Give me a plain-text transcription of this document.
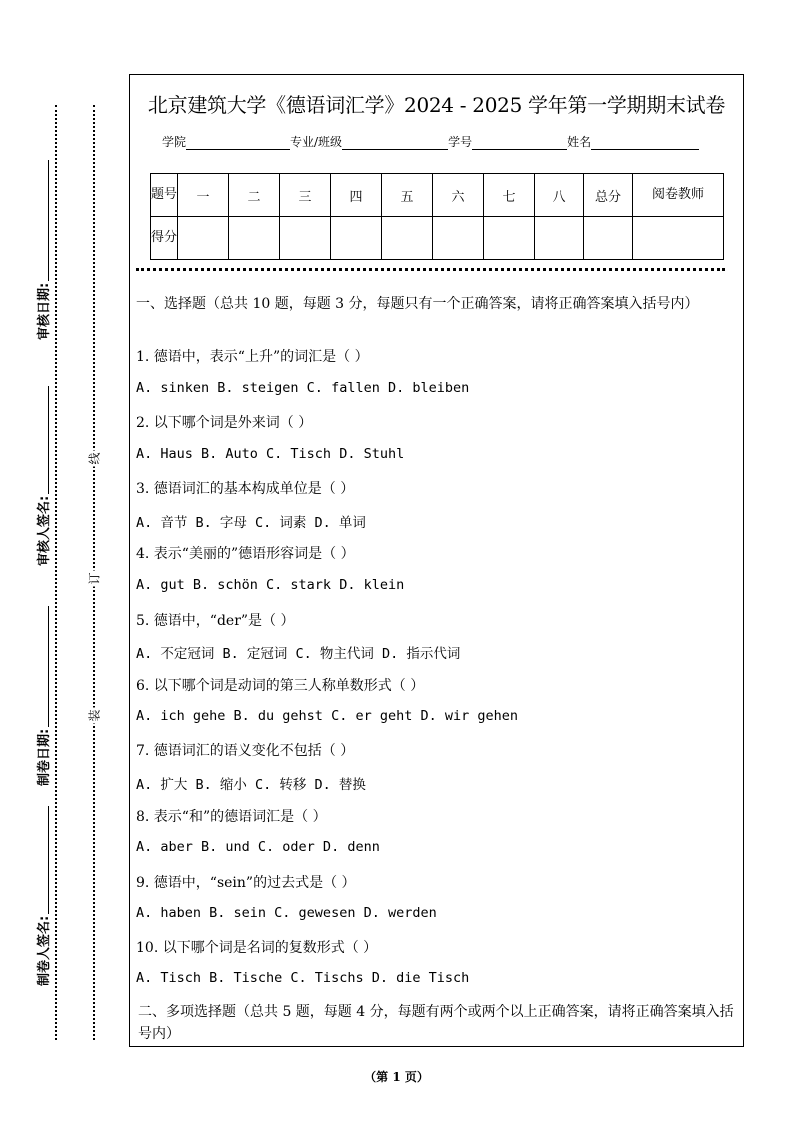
审核日期:
审核人签名:
制卷日期:
制卷人签名:
线
订
装
北京建筑大学《德语词汇学》2024 - 2025 学年第一学期期末试卷
学院	专业/班级	学号	姓名
题号	一	二	三	四	五	六	七	八	总分	阅卷教师
得分										
一、选择题（总共 10 题，每题 3 分，每题只有一个正确答案，请将正确答案填入括号内）
1. 德语中，表示“上升”的词汇是（ ）
A. sinken B. steigen C. fallen D. bleiben
2. 以下哪个词是外来词（ ）
A. Haus B. Auto C. Tisch D. Stuhl
3. 德语词汇的基本构成单位是（ ）
A. 音节 B. 字母 C. 词素 D. 单词
4. 表示“美丽的”德语形容词是（ ）
A. gut B. schön C. stark D. klein
5. 德语中，“der”是（ ）
A. 不定冠词 B. 定冠词 C. 物主代词 D. 指示代词
6. 以下哪个词是动词的第三人称单数形式（ ）
A. ich gehe B. du gehst C. er geht D. wir gehen
7. 德语词汇的语义变化不包括（ ）
A. 扩大 B. 缩小 C. 转移 D. 替换
8. 表示“和”的德语词汇是（ ）
A. aber B. und C. oder D. denn
9. 德语中，“sein”的过去式是（ ）
A. haben B. sein C. gewesen D. werden
10. 以下哪个词是名词的复数形式（ ）
A. Tisch B. Tische C. Tischs D. die Tisch
二、多项选择题（总共 5 题，每题 4 分，每题有两个或两个以上正确答案，请将正确答案填入括号内）
（第 1 页）
